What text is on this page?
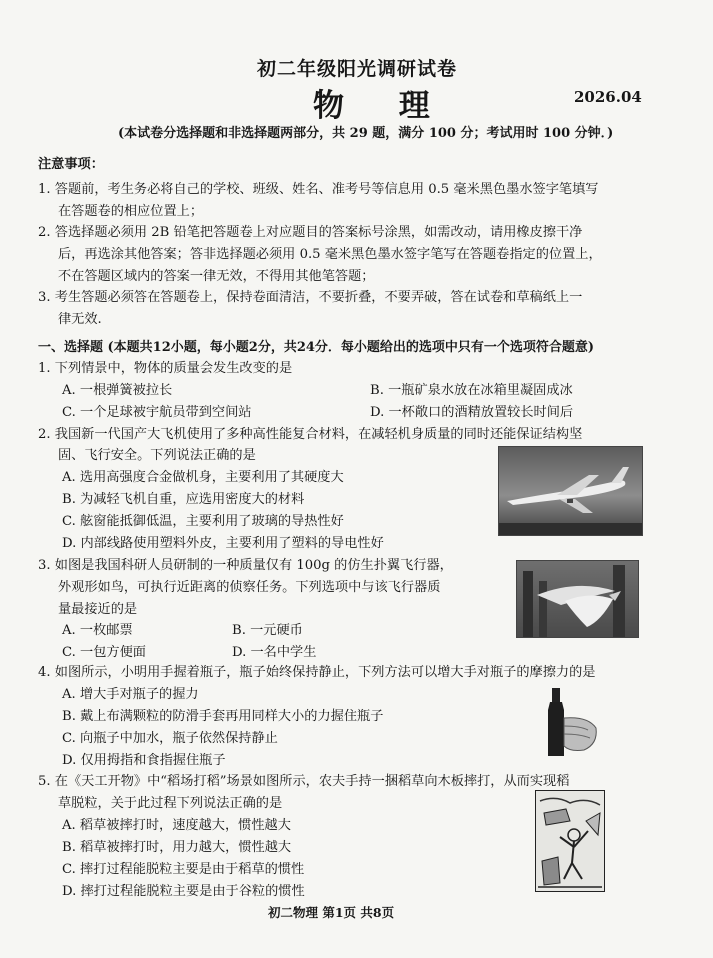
初二年级阳光调研试卷
物 理	2026.04
(本试卷分选择题和非选择题两部分，共 29 题，满分 100 分；考试用时 100 分钟．)
注意事项：
1. 答题前，考生务必将自己的学校、班级、姓名、准考号等信息用 0.5 毫米黑色墨水签字笔填写
在答题卷的相应位置上；
2. 答选择题必须用 2B 铅笔把答题卷上对应题目的答案标号涂黑，如需改动，请用橡皮擦干净
后，再选涂其他答案；答非选择题必须用 0.5 毫米黑色墨水签字笔写在答题卷指定的位置上，
不在答题区域内的答案一律无效，不得用其他笔答题；
3. 考生答题必须答在答题卷上，保持卷面清洁，不要折叠，不要弄破，答在试卷和草稿纸上一
律无效.
一、选择题 (本题共12小题，每小题2分，共24分．每小题给出的选项中只有一个选项符合题意)
1. 下列情景中，物体的质量会发生改变的是
A. 一根弹簧被拉长	B. 一瓶矿泉水放在冰箱里凝固成冰
C. 一个足球被宇航员带到空间站	D. 一杯敞口的酒精放置较长时间后
2. 我国新一代国产大飞机使用了多种高性能复合材料，在减轻机身质量的同时还能保证结构坚
固、飞行安全。下列说法正确的是
A. 选用高强度合金做机身，主要利用了其硬度大
B. 为减轻飞机自重，应选用密度大的材料
C. 舷窗能抵御低温，主要利用了玻璃的导热性好
D. 内部线路使用塑料外皮，主要利用了塑料的导电性好
3. 如图是我国科研人员研制的一种质量仅有 100g 的仿生扑翼飞行器，
外观形如鸟，可执行近距离的侦察任务。下列选项中与该飞行器质
量最接近的是
A. 一枚邮票	B. 一元硬币
C. 一包方便面	D. 一名中学生
4. 如图所示，小明用手握着瓶子，瓶子始终保持静止，下列方法可以增大手对瓶子的摩擦力的是
A. 增大手对瓶子的握力
B. 戴上布满颗粒的防滑手套再用同样大小的力握住瓶子
C. 向瓶子中加水，瓶子依然保持静止
D. 仅用拇指和食指握住瓶子
5. 在《天工开物》中“稻场打稻”场景如图所示，农夫手持一捆稻草向木板摔打，从而实现稻
草脱粒，关于此过程下列说法正确的是
A. 稻草被摔打时，速度越大，惯性越大
B. 稻草被摔打时，用力越大，惯性越大
C. 摔打过程能脱粒主要是由于稻草的惯性
D. 摔打过程能脱粒主要是由于谷粒的惯性
初二物理 第1页 共8页
